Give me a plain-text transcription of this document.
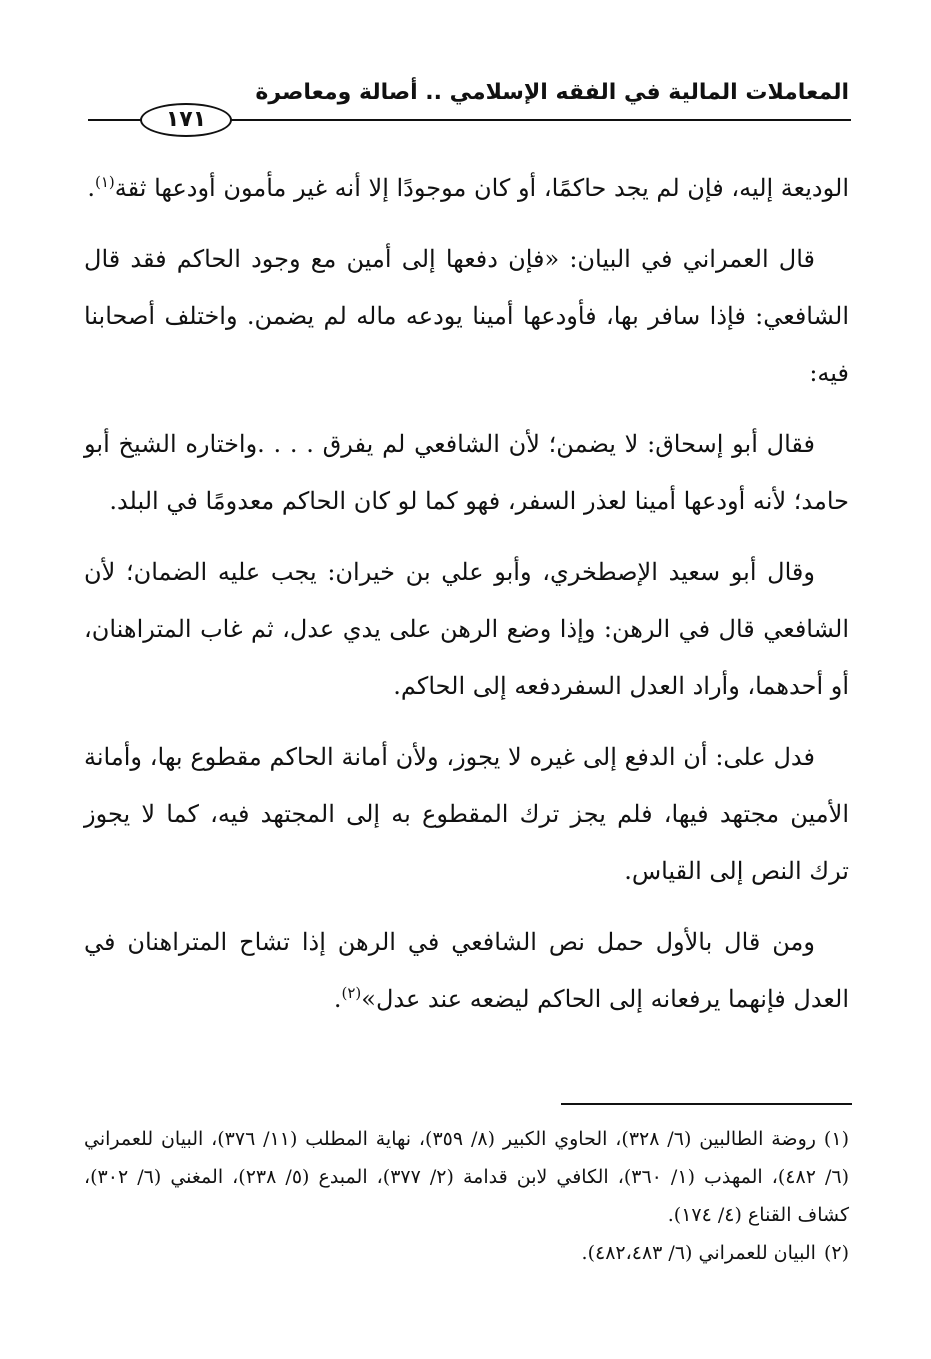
المعاملات المالية في الفقه الإسلامي .. أصالة ومعاصرة
١٧١

الوديعة إليه، فإن لم يجد حاكمًا، أو كان موجودًا إلا أنه غير مأمون أودعها ثقة$^{(١)}$.

قال العمراني في البيان: «فإن دفعها إلى أمين مع وجود الحاكم فقد قال الشافعي: فإذا سافر بها، فأودعها أمينا يودعه ماله لم يضمن. واختلف أصحابنا فيه:

فقال أبو إسحاق: لا يضمن؛ لأن الشافعي لم يفرق . . . .واختاره الشيخ أبو حامد؛ لأنه أودعها أمينا لعذر السفر، فهو كما لو كان الحاكم معدومًا في البلد.

وقال أبو سعيد الإصطخري، وأبو علي بن خيران: يجب عليه الضمان؛ لأن الشافعي قال في الرهن: وإذا وضع الرهن على يدي عدل، ثم غاب المتراهنان، أو أحدهما، وأراد العدل السفردفعه إلى الحاكم.

فدل على: أن الدفع إلى غيره لا يجوز، ولأن أمانة الحاكم مقطوع بها، وأمانة الأمين مجتهد فيها، فلم يجز ترك المقطوع به إلى المجتهد فيه، كما لا يجوز ترك النص إلى القياس.

ومن قال بالأول حمل نص الشافعي في الرهن إذا تشاح المتراهنان في العدل فإنهما يرفعانه إلى الحاكم ليضعه عند عدل»$^{(٢)}$.

(١)روضة الطالبين (٦/ ٣٢٨)، الحاوي الكبير (٨/ ٣٥٩)، نهاية المطلب (١١/ ٣٧٦)، البيان للعمراني (٦/ ٤٨٢)، المهذب (١/ ٣٦٠)، الكافي لابن قدامة (٢/ ٣٧٧)، المبدع (٥/ ٢٣٨)، المغني (٦/ ٣٠٢)، كشاف القناع (٤/ ١٧٤).

(٢)البيان للعمراني (٦/ ٤٨٢،٤٨٣).
